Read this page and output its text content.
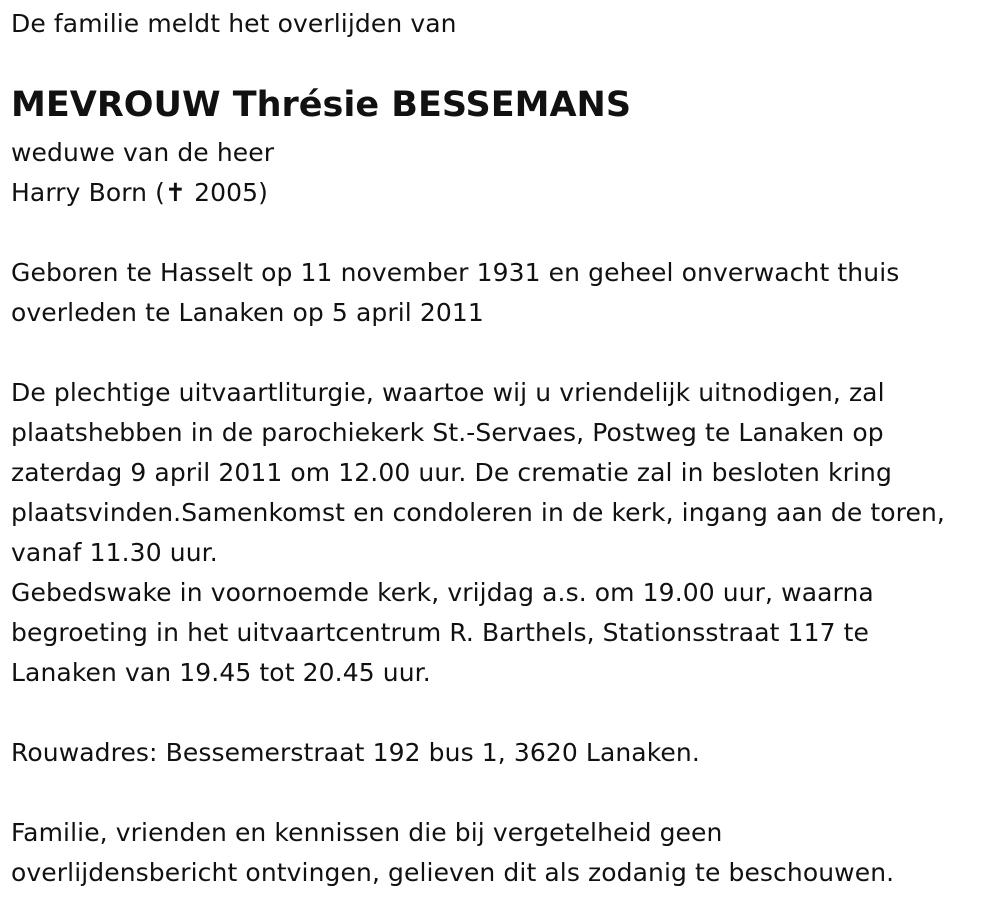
De familie meldt het overlijden van
MEVROUW Thrésie BESSEMANS
weduwe van de heer
Harry Born (✝ 2005)
Geboren te Hasselt op 11 november 1931 en geheel onverwacht thuis
overleden te Lanaken op 5 april 2011
De plechtige uitvaartliturgie, waartoe wij u vriendelijk uitnodigen, zal
plaatshebben in de parochiekerk St.-Servaes, Postweg te Lanaken op
zaterdag 9 april 2011 om 12.00 uur. De crematie zal in besloten kring
plaatsvinden.Samenkomst en condoleren in de kerk, ingang aan de toren,
vanaf 11.30 uur.
Gebedswake in voornoemde kerk, vrijdag a.s. om 19.00 uur, waarna
begroeting in het uitvaartcentrum R. Barthels, Stationsstraat 117 te
Lanaken van 19.45 tot 20.45 uur.
Rouwadres: Bessemerstraat 192 bus 1, 3620 Lanaken.
Familie, vrienden en kennissen die bij vergetelheid geen
overlijdensbericht ontvingen, gelieven dit als zodanig te beschouwen.
